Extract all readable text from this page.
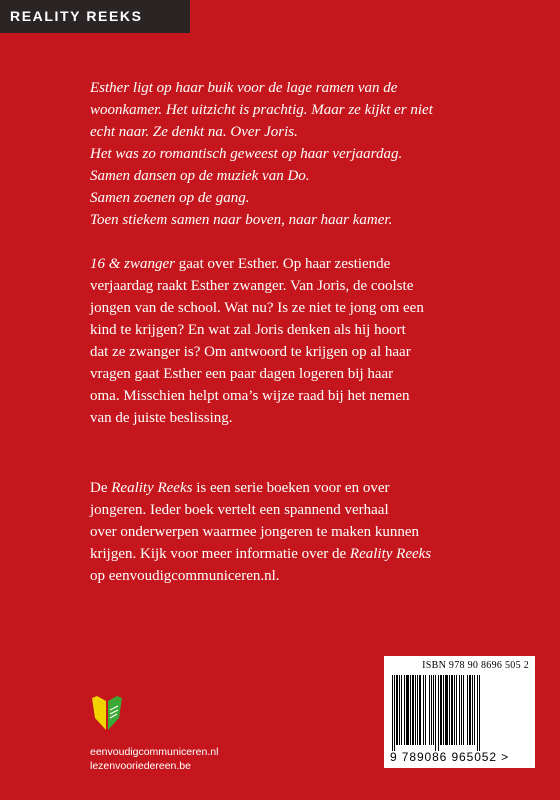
REALITY REEKS

Esther ligt op haar buik voor de lage ramen van de

woonkamer. Het uitzicht is prachtig. Maar ze kijkt er niet

echt naar. Ze denkt na. Over Joris.

Het was zo romantisch geweest op haar verjaardag.

Samen dansen op de muziek van Do.

Samen zoenen op de gang.

Toen stiekem samen naar boven, naar haar kamer.

16 & zwanger gaat over Esther. Op haar zestiende

verjaardag raakt Esther zwanger. Van Joris, de coolste

jongen van de school. Wat nu? Is ze niet te jong om een

kind te krijgen? En wat zal Joris denken als hij hoort

dat ze zwanger is? Om antwoord te krijgen op al haar

vragen gaat Esther een paar dagen logeren bij haar

oma. Misschien helpt oma’s wijze raad bij het nemen

van de juiste beslissing.

De Reality Reeks is een serie boeken voor en over

jongeren. Ieder boek vertelt een spannend verhaal

over onderwerpen waarmee jongeren te maken kunnen

krijgen. Kijk voor meer informatie over de Reality Reeks

op eenvoudigcommuniceren.nl.

ISBN 978 90 8696 505 2
9 789086 965052 >
eenvoudigcommuniceren.nl
lezenvooriedereen.be
